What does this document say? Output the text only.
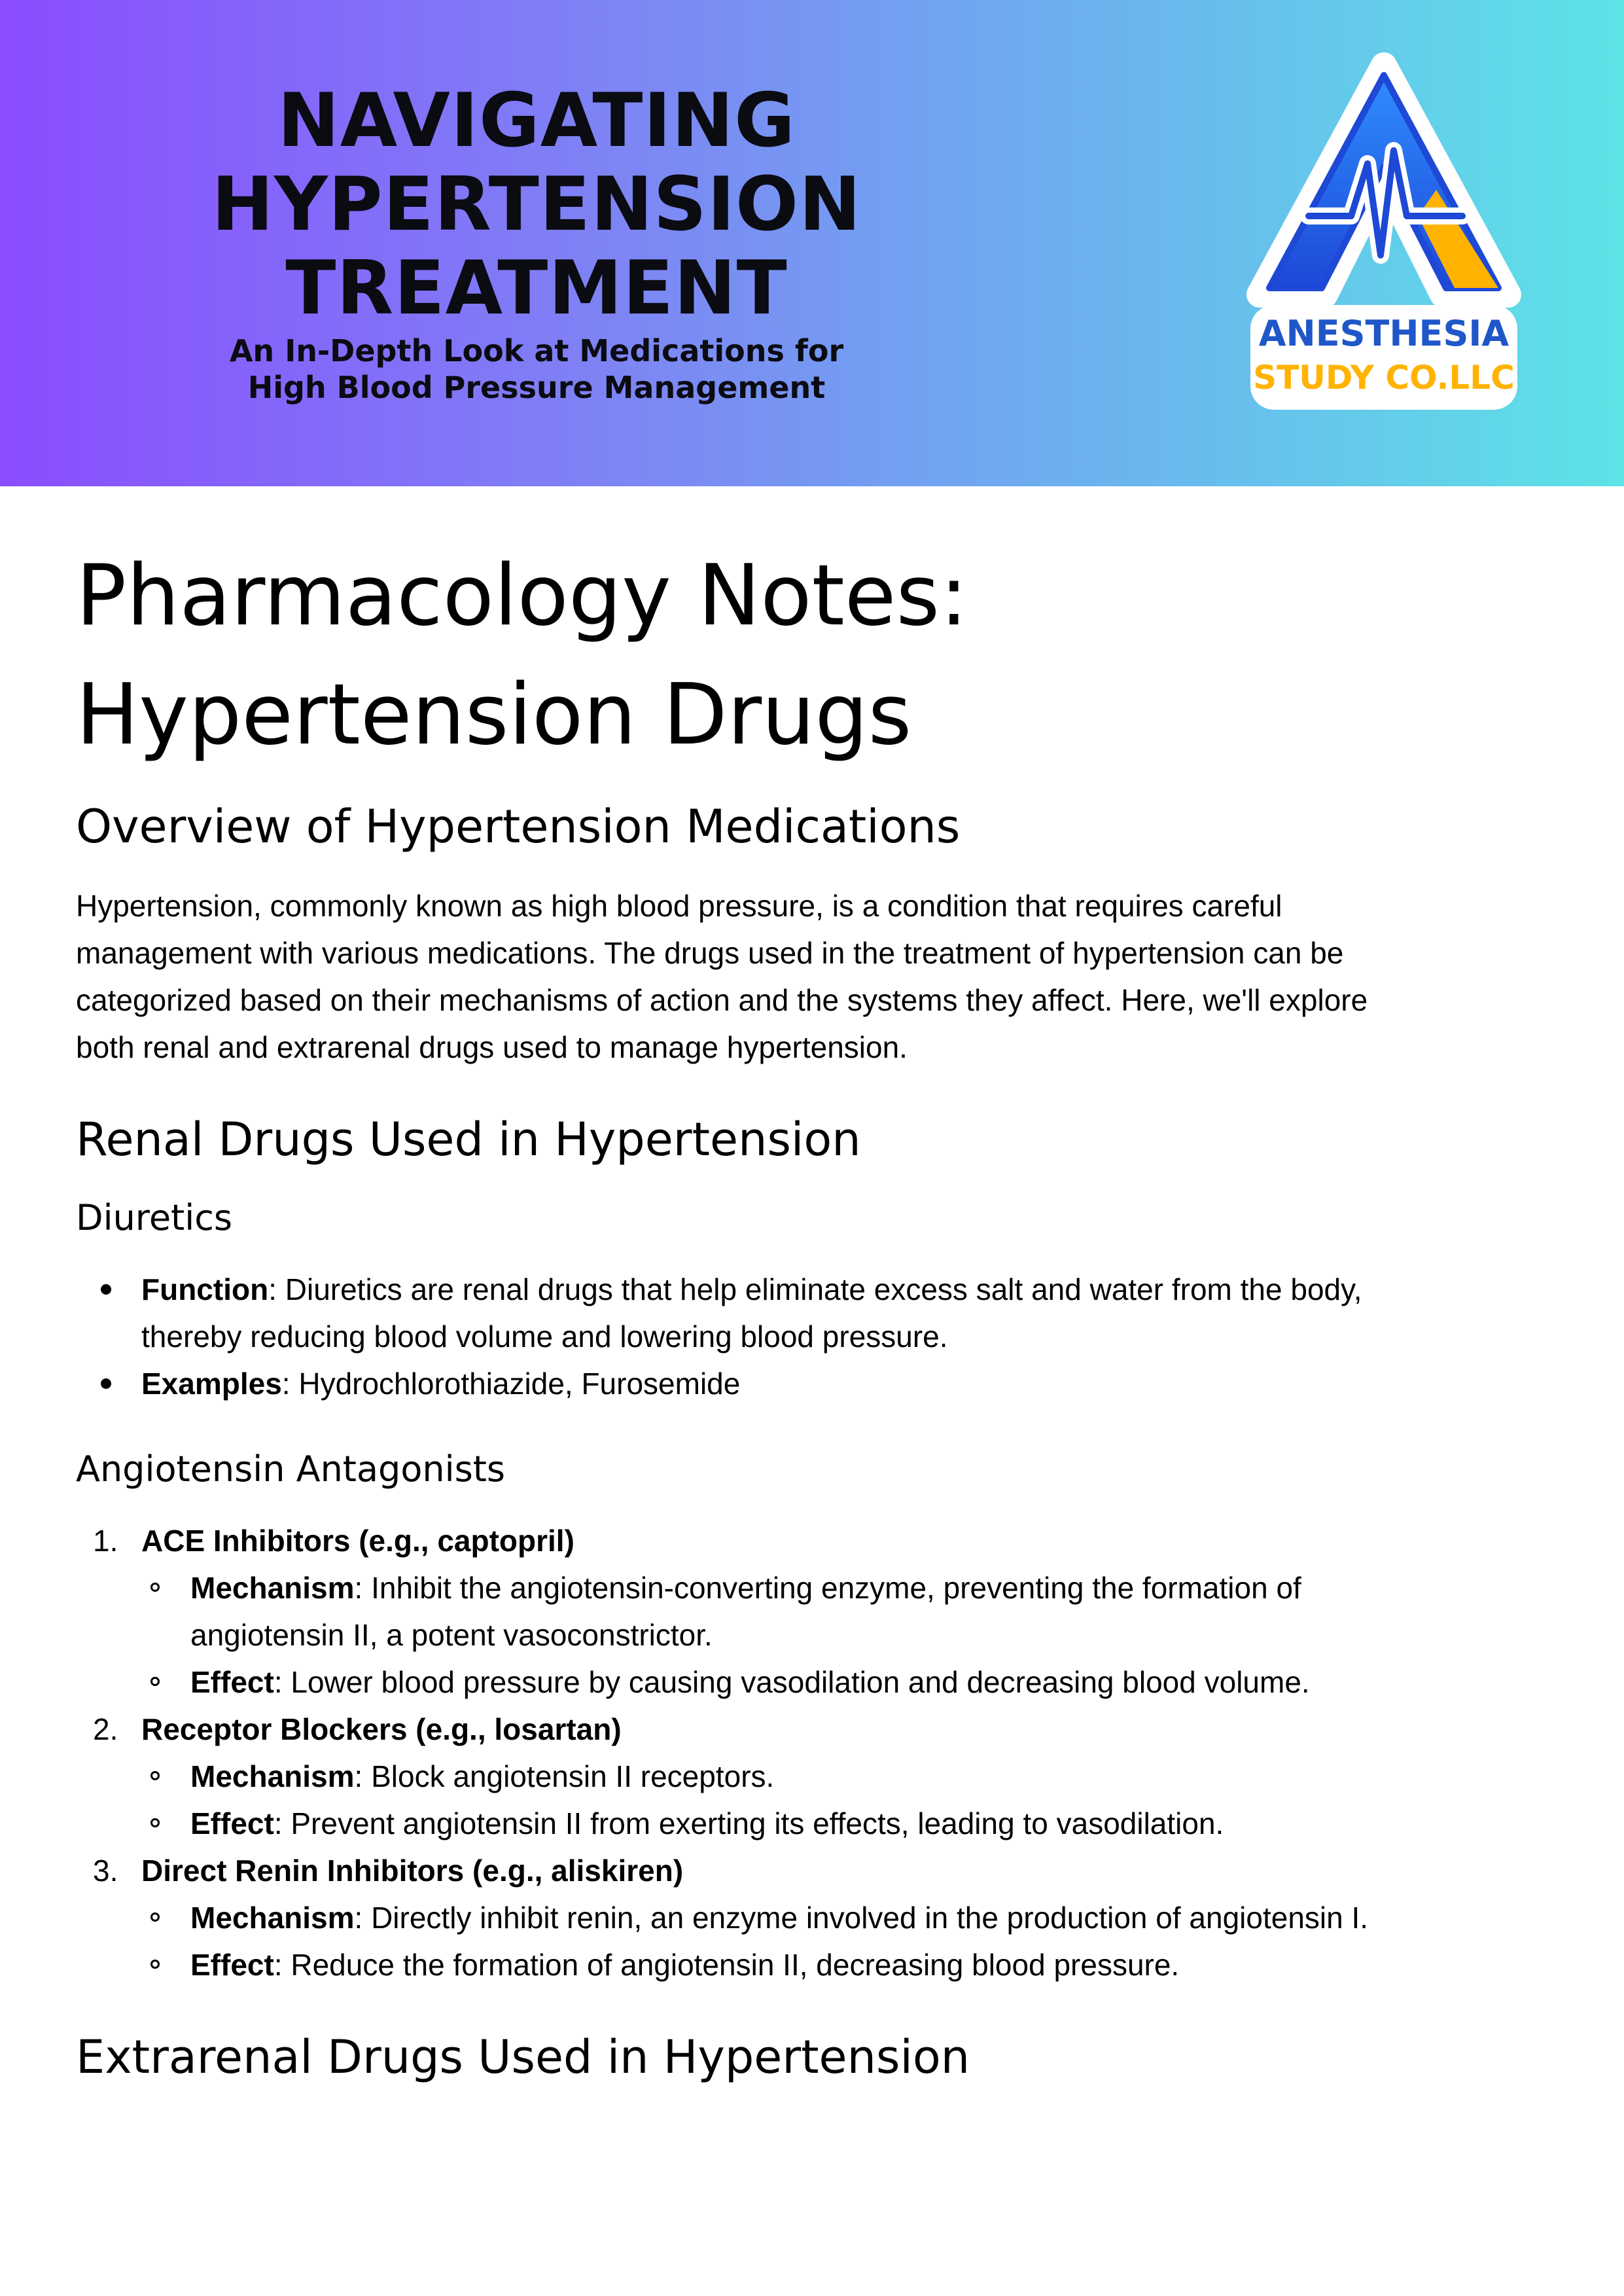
NAVIGATING
HYPERTENSION
TREATMENT
An In-Depth Look at Medications for
High Blood Pressure Management
ANESTHESIA
STUDY CO.LLC
Pharmacology Notes:
Hypertension Drugs
Overview of Hypertension Medications

Hypertension, commonly known as high blood pressure, is a condition that requires careful

management with various medications. The drugs used in the treatment of hypertension can be

categorized based on their mechanisms of action and the systems they affect. Here, we'll explore

both renal and extrarenal drugs used to manage hypertension.

Renal Drugs Used in Hypertension
Diuretics
Function: Diuretics are renal drugs that help eliminate excess salt and water from the body,
thereby reducing blood volume and lowering blood pressure.
Examples: Hydrochlorothiazide, Furosemide
Angiotensin Antagonists
1. ACE Inhibitors (e.g., captopril)
Mechanism: Inhibit the angiotensin-converting enzyme, preventing the formation of
angiotensin II, a potent vasoconstrictor.
Effect: Lower blood pressure by causing vasodilation and decreasing blood volume.
2. Receptor Blockers (e.g., losartan)
Mechanism: Block angiotensin II receptors.
Effect: Prevent angiotensin II from exerting its effects, leading to vasodilation.
3. Direct Renin Inhibitors (e.g., aliskiren)
Mechanism: Directly inhibit renin, an enzyme involved in the production of angiotensin I.
Effect: Reduce the formation of angiotensin II, decreasing blood pressure.
Extrarenal Drugs Used in Hypertension
